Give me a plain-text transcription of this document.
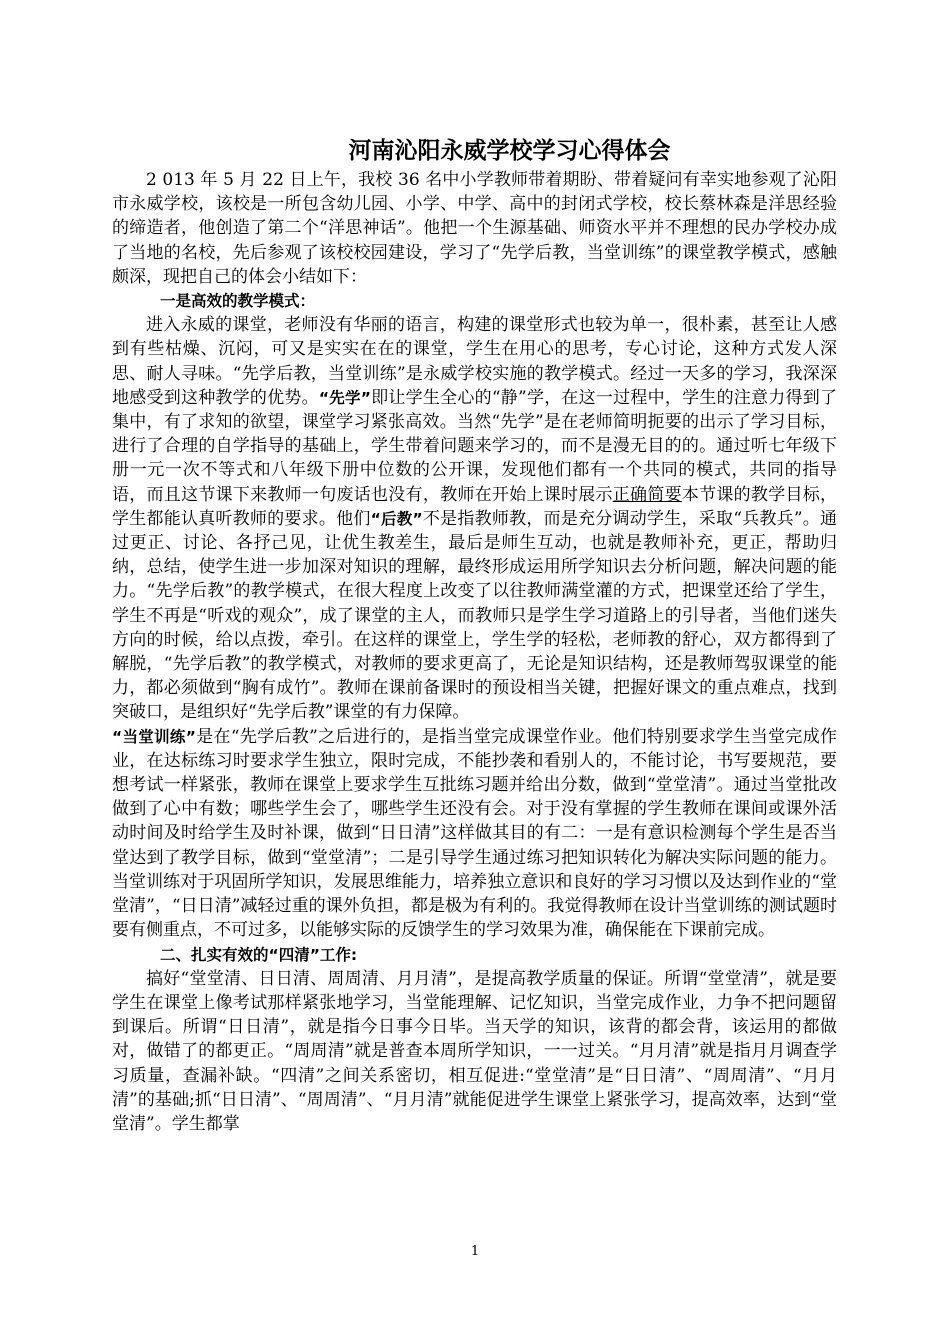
河南沁阳永威学校学习心得体会

2 013 年 5 月 22 日上午，我校 36 名中小学教师带着期盼、带着疑问有幸实地参观了沁阳市永威学校，该校是一所包含幼儿园、小学、中学、高中的封闭式学校，校长蔡林森是洋思经验的缔造者，他创造了第二个“洋思神话”。他把一个生源基础、师资水平并不理想的民办学校办成了当地的名校，先后参观了该校校园建设，学习了“先学后教，当堂训练”的课堂教学模式，感触颇深，现把自己的体会小结如下：

一是高效的教学模式：

进入永威的课堂，老师没有华丽的语言，构建的课堂形式也较为单一，很朴素，甚至让人感到有些枯燥、沉闷，可又是实实在在的课堂，学生在用心的思考，专心讨论，这种方式发人深思、耐人寻味。“先学后教，当堂训练”是永威学校实施的教学模式。经过一天多的学习，我深深地感受到这种教学的优势。“先学”即让学生全心的“静”学，在这一过程中，学生的注意力得到了集中，有了求知的欲望，课堂学习紧张高效。当然“先学”是在老师简明扼要的出示了学习目标，进行了合理的自学指导的基础上，学生带着问题来学习的，而不是漫无目的的。通过听七年级下册一元一次不等式和八年级下册中位数的公开课，发现他们都有一个共同的模式，共同的指导语，而且这节课下来教师一句废话也没有，教师在开始上课时展示正确简要本节课的教学目标，学生都能认真听教师的要求。他们“后教”不是指教师教，而是充分调动学生，采取“兵教兵”。通过更正、讨论、各抒己见，让优生教差生，最后是师生互动，也就是教师补充，更正，帮助归纳，总结，使学生进一步加深对知识的理解，最终形成运用所学知识去分析问题，解决问题的能力。“先学后教”的教学模式，在很大程度上改变了以往教师满堂灌的方式，把课堂还给了学生，学生不再是“听戏的观众”，成了课堂的主人，而教师只是学生学习道路上的引导者，当他们迷失方向的时候，给以点拨，牵引。在这样的课堂上，学生学的轻松，老师教的舒心，双方都得到了解脱，“先学后教”的教学模式，对教师的要求更高了，无论是知识结构，还是教师驾驭课堂的能力，都必须做到“胸有成竹”。教师在课前备课时的预设相当关键，把握好课文的重点难点，找到突破口，是组织好“先学后教”课堂的有力保障。

“当堂训练”是在“先学后教”之后进行的，是指当堂完成课堂作业。他们特别要求学生当堂完成作业，在达标练习时要求学生独立，限时完成，不能抄袭和看别人的，不能讨论，书写要规范，要想考试一样紧张，教师在课堂上要求学生互批练习题并给出分数，做到“堂堂清”。通过当堂批改做到了心中有数；哪些学生会了，哪些学生还没有会。对于没有掌握的学生教师在课间或课外活动时间及时给学生及时补课，做到“日日清”这样做其目的有二：一是有意识检测每个学生是否当堂达到了教学目标，做到“堂堂清”；二是引导学生通过练习把知识转化为解决实际问题的能力。当堂训练对于巩固所学知识，发展思维能力，培养独立意识和良好的学习习惯以及达到作业的“堂堂清”，“日日清”减轻过重的课外负担，都是极为有利的。我觉得教师在设计当堂训练的测试题时要有侧重点，不可过多，以能够实际的反馈学生的学习效果为准，确保能在下课前完成。

二、扎实有效的“四清”工作:

搞好“堂堂清、日日清、周周清、月月清”，是提高教学质量的保证。所谓“堂堂清”，就是要学生在课堂上像考试那样紧张地学习，当堂能理解、记忆知识，当堂完成作业，力争不把问题留到课后。所谓“日日清”，就是指今日事今日毕。当天学的知识，该背的都会背，该运用的都做对，做错了的都更正。“周周清”就是普查本周所学知识，一一过关。“月月清”就是指月月调查学习质量，查漏补缺。“四清”之间关系密切，相互促进:“堂堂清”是“日日清”、“周周清”、“月月清”的基础;抓“日日清”、“周周清”、“月月清”就能促进学生课堂上紧张学习，提高效率，达到“堂堂清”。学生都掌

1
